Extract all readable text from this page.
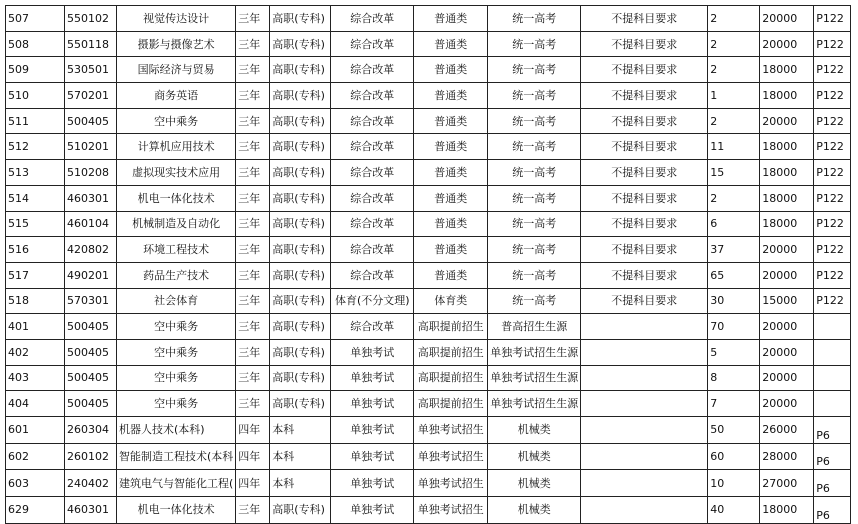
507	550102	视觉传达设计	三年	高职(专科)	综合改革	普通类	统一高考	不提科目要求	2	20000	P122
508	550118	摄影与摄像艺术	三年	高职(专科)	综合改革	普通类	统一高考	不提科目要求	2	20000	P122
509	530501	国际经济与贸易	三年	高职(专科)	综合改革	普通类	统一高考	不提科目要求	2	18000	P122
510	570201	商务英语	三年	高职(专科)	综合改革	普通类	统一高考	不提科目要求	1	18000	P122
511	500405	空中乘务	三年	高职(专科)	综合改革	普通类	统一高考	不提科目要求	2	20000	P122
512	510201	计算机应用技术	三年	高职(专科)	综合改革	普通类	统一高考	不提科目要求	11	18000	P122
513	510208	虚拟现实技术应用	三年	高职(专科)	综合改革	普通类	统一高考	不提科目要求	15	18000	P122
514	460301	机电一体化技术	三年	高职(专科)	综合改革	普通类	统一高考	不提科目要求	2	18000	P122
515	460104	机械制造及自动化	三年	高职(专科)	综合改革	普通类	统一高考	不提科目要求	6	18000	P122
516	420802	环境工程技术	三年	高职(专科)	综合改革	普通类	统一高考	不提科目要求	37	20000	P122
517	490201	药品生产技术	三年	高职(专科)	综合改革	普通类	统一高考	不提科目要求	65	20000	P122
518	570301	社会体育	三年	高职(专科)	体育(不分文理)	体育类	统一高考	不提科目要求	30	15000	P122
401	500405	空中乘务	三年	高职(专科)	综合改革	高职提前招生	普高招生生源		70	20000	
402	500405	空中乘务	三年	高职(专科)	单独考试	高职提前招生	单独考试招生生源		5	20000	
403	500405	空中乘务	三年	高职(专科)	单独考试	高职提前招生	单独考试招生生源		8	20000	
404	500405	空中乘务	三年	高职(专科)	单独考试	高职提前招生	单独考试招生生源		7	20000	
601	260304	机器人技术(本科)	四年	本科	单独考试	单独考试招生	机械类		50	26000	P6
602	260102	智能制造工程技术(本科	四年	本科	单独考试	单独考试招生	机械类		60	28000	P6
603	240402	建筑电气与智能化工程(	四年	本科	单独考试	单独考试招生	机械类		10	27000	P6
629	460301	机电一体化技术	三年	高职(专科)	单独考试	单独考试招生	机械类		40	18000	P6
